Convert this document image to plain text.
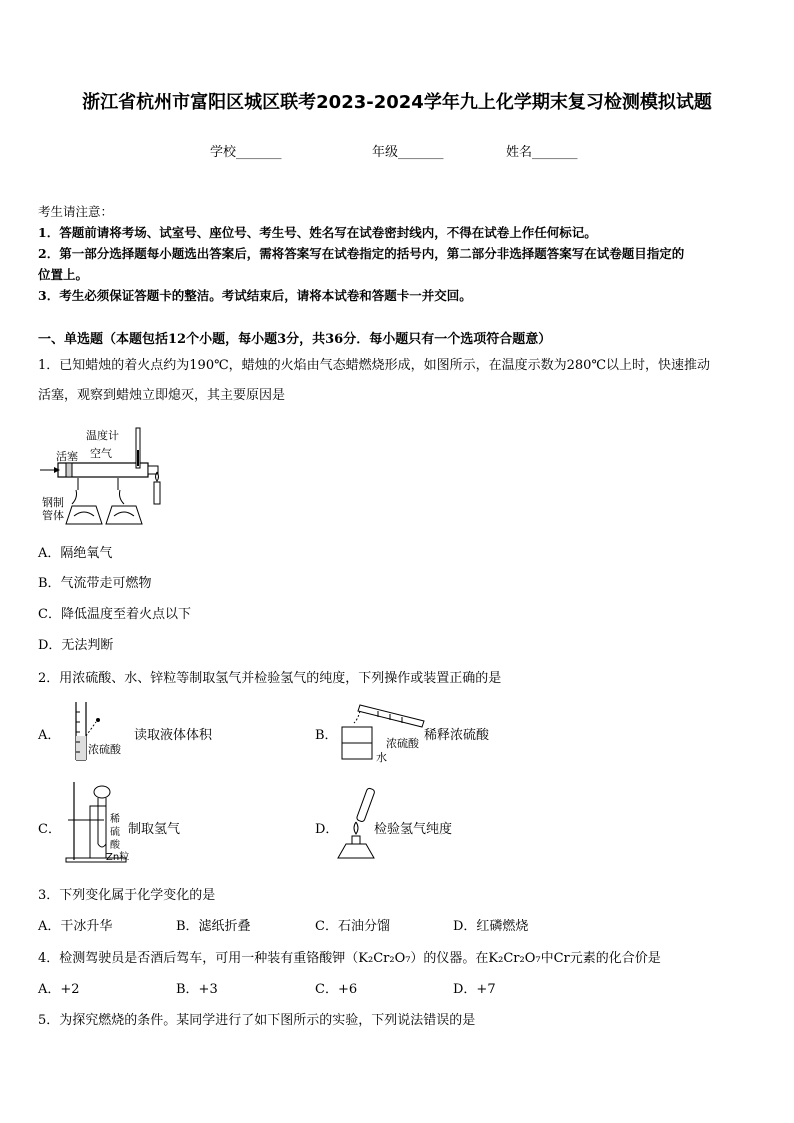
浙江省杭州市富阳区城区联考2023-2024学年九上化学期末复习检测模拟试题
学校_______	年级_______	姓名_______
考生请注意：
1．答题前请将考场、试室号、座位号、考生号、姓名写在试卷密封线内，不得在试卷上作任何标记。
2．第一部分选择题每小题选出答案后，需将答案写在试卷指定的括号内，第二部分非选择题答案写在试卷题目指定的
位置上。
3．考生必须保证答题卡的整洁。考试结束后，请将本试卷和答题卡一并交回。
一、单选题（本题包括12个小题，每小题3分，共36分．每小题只有一个选项符合题意）
1．已知蜡烛的着火点约为190℃，蜡烛的火焰由气态蜡燃烧形成，如图所示，在温度示数为280℃以上时，快速推动
活塞，观察到蜡烛立即熄灭，其主要原因是
温度计
活塞 空气
钢制
管体
A．隔绝氧气
B．气流带走可燃物
C．降低温度至着火点以下
D．无法判断
2．用浓硫酸、水、锌粒等制取氢气并检验氢气的纯度，下列操作或装置正确的是
A．
浓硫酸
读取液体体积	B．
浓硫酸
水
稀释浓硫酸
C．
稀
硫
酸
Zn粒
制取氢气	D．	检验氢气纯度
3．下列变化属于化学变化的是
A．干冰升华	B．滤纸折叠	C．石油分馏	D．红磷燃烧
4．检测驾驶员是否酒后驾车，可用一种装有重铬酸钾（K₂Cr₂O₇）的仪器。在K₂Cr₂O₇中Cr元素的化合价是
A．+2	B．+3	C．+6	D．+7
5．为探究燃烧的条件。某同学进行了如下图所示的实验，下列说法错误的是
